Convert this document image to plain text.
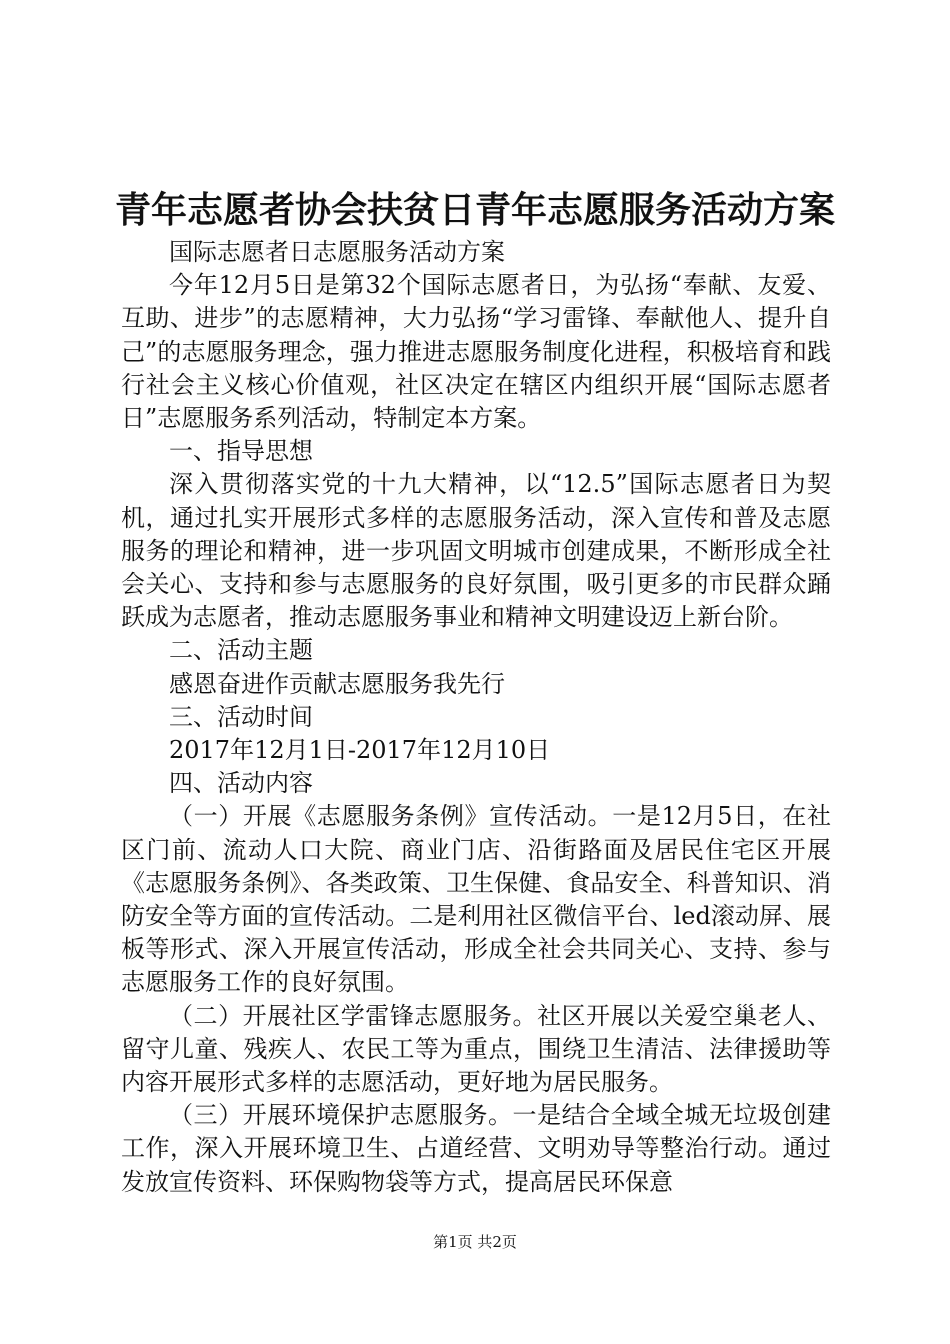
青年志愿者协会扶贫日青年志愿服务活动方案

国际志愿者日志愿服务活动方案

今年12月5日是第32个国际志愿者日，为弘扬“奉献、友爱、互助、进步”的志愿精神，大力弘扬“学习雷锋、奉献他人、提升自己”的志愿服务理念，强力推进志愿服务制度化进程，积极培育和践行社会主义核心价值观，社区决定在辖区内组织开展“国际志愿者日”志愿服务系列活动，特制定本方案。

一、指导思想

深入贯彻落实党的十九大精神，以“12.5”国际志愿者日为契机，通过扎实开展形式多样的志愿服务活动，深入宣传和普及志愿服务的理论和精神，进一步巩固文明城市创建成果，不断形成全社会关心、支持和参与志愿服务的良好氛围，吸引更多的市民群众踊跃成为志愿者，推动志愿服务事业和精神文明建设迈上新台阶。

二、活动主题

感恩奋进作贡献志愿服务我先行

三、活动时间

2017年12月1日-2017年12月10日

四、活动内容

（一）开展《志愿服务条例》宣传活动。一是12月5日，在社区门前、流动人口大院、商业门店、沿街路面及居民住宅区开展《志愿服务条例》、各类政策、卫生保健、食品安全、科普知识、消防安全等方面的宣传活动。二是利用社区微信平台、led滚动屏、展板等形式、深入开展宣传活动，形成全社会共同关心、支持、参与志愿服务工作的良好氛围。

（二）开展社区学雷锋志愿服务。社区开展以关爱空巢老人、留守儿童、残疾人、农民工等为重点，围绕卫生清洁、法律援助等内容开展形式多样的志愿活动，更好地为居民服务。

（三）开展环境保护志愿服务。一是结合全域全城无垃圾创建工作，深入开展环境卫生、占道经营、文明劝导等整治行动。通过发放宣传资料、环保购物袋等方式，提高居民环保意

第1页 共2页
